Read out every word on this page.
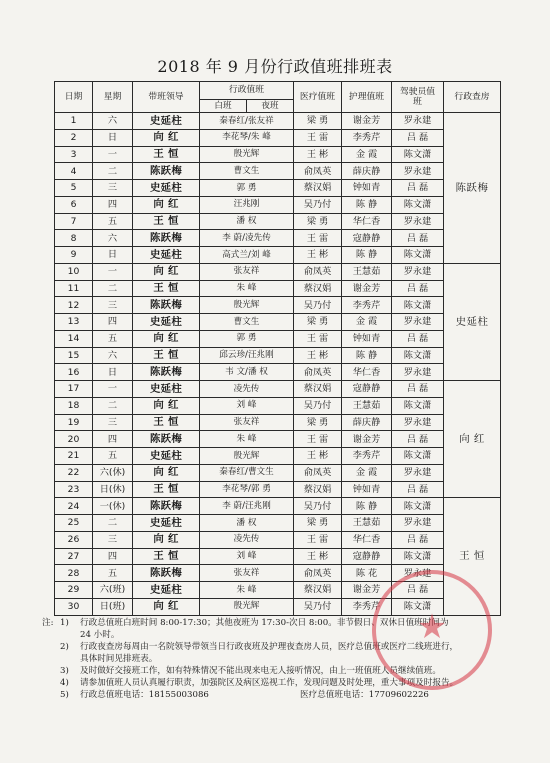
2018 年 9 月份行政值班排班表
日期	星期	带班领导	行政值班		医疗值班	护理值班	驾驶员值班	行政查房
			白班	夜班				
1	六	史延柱	秦春红/张友祥		梁 勇	谢金芳	罗永建	陈跃梅
2	日	向 红	李花琴/朱 峰		王 雷	李秀芹	吕 磊	
3	一	王 恒	殷光辉		王 彬	金 霞	陈文潇	
4	二	陈跃梅	曹文生		俞凤英	薛庆静	罗永建	
5	三	史延柱	郭 勇		蔡汉娟	钟如青	吕 磊	
6	四	向 红	汪兆刚		吴乃付	陈 静	陈文潇	
7	五	王 恒	潘 权		梁 勇	华仁香	罗永建	
8	六	陈跃梅	李 蔚/凌先传		王 雷	寇静静	吕 磊	
9	日	史延柱	高式兰/刘 峰		王 彬	陈 静	陈文潇	
10	一	向 红	张友祥		俞凤英	王慧茹	罗永建	史延柱
11	二	王 恒	朱 峰		蔡汉娟	谢金芳	吕 磊	
12	三	陈跃梅	殷光辉		吴乃付	李秀芹	陈文潇	
13	四	史延柱	曹文生		梁 勇	金 霞	罗永建	
14	五	向 红	郭 勇		王 雷	钟如青	吕 磊	
15	六	王 恒	邱云珍/汪兆刚		王 彬	陈 静	陈文潇	
16	日	陈跃梅	韦 文/潘 权		俞凤英	华仁香	罗永建	
17	一	史延柱	凌先传		蔡汉娟	寇静静	吕 磊	向 红
18	二	向 红	刘 峰		吴乃付	王慧茹	陈文潇	
19	三	王 恒	张友祥		梁 勇	薛庆静	罗永建	
20	四	陈跃梅	朱 峰		王 雷	谢金芳	吕 磊	
21	五	史延柱	殷光辉		王 彬	李秀芹	陈文潇	
22	六(休)	向 红	秦春红/曹文生		俞凤英	金 霞	罗永建	
23	日(休)	王 恒	李花琴/郭 勇		蔡汉娟	钟如青	吕 磊	
24	一(休)	陈跃梅	李 蔚/汪兆刚		吴乃付	陈 静	陈文潇	王 恒
25	二	史延柱	潘 权		梁 勇	王慧茹	罗永建	
26	三	向 红	凌先传		王 雷	华仁香	吕 磊	
27	四	王 恒	刘 峰		王 彬	寇静静	陈文潇	
28	五	陈跃梅	张友祥		俞凤英	陈 花	罗永建	
29	六(班)	史延柱	朱 峰		蔡汉娟	谢金芳	吕 磊	
30	日(班)	向 红	殷光辉		吴乃付	李秀芹	陈文潇	
注: 1)	行政总值班白班时间 8:00-17:30；其他夜班为 17:30-次日 8:00。非节假日、双休日值班时间为
24 小时。
2)	行政夜查房每周由一名院领导带领当日行政夜班及护理夜查房人员，医疗总值班或医疗二线班进行，
具体时间见排班表。
3)	及时做好交接班工作，如有特殊情况不能出现来电无人接听情况，由上一班值班人员继续值班。
4)	请参加值班人员认真履行职责，加强院区及病区巡视工作，发现问题及时处理，重大事项及时报告。
5)	行政总值班电话：18155003086	医疗总值班电话：17709602226
★
